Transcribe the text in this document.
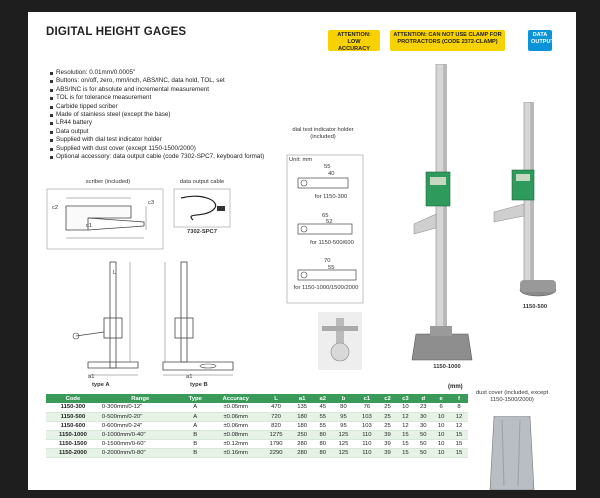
DIGITAL HEIGHT GAGES	ATTENTION: LOW ACCURACY
ATTENTION: CAN NOT USE CLAMP FOR PROTRACTORS (CODE 2372-CLAMP)
DATA OUTPUT
Resolution: 0.01mm/0.0005"
Buttons: on/off, zero, mm/inch, ABS/INC, data hold, TOL, set
ABS/INC is for absolute and incremental measurement
TOL is for tolerance measurement
Carbide tipped scriber
Made of stainless steel (except the base)
LR44 battery
Data output
Supplied with dial test indicator holder
Supplied with dust cover (except 1150-1500/2000)
Optional accessory: data output cable (code 7302-SPC7, keyboard format)
scriber (included)
c1
c2
c3
data output cable
7302-SPC7
L
a1
type A
a1
type B
dial test indicator holder (included)
Unit: mm
55
40
for 1150-300
65
52
for 1150-500/600
70
55
for 1150-1000/1500/2000
1150-1000
1150-500
dust cover (included, except 1150-1500/2000)
(mm)
Code	Range	Type	Accuracy	L	a1	a2	b	c1	c2	c3	d	e	f
1150-300	0-300mm/0-12"	A	±0.05mm	470	135	45	80	76	25	10	23	6	8
1150-500	0-500mm/0-20"	A	±0.06mm	720	180	55	95	103	25	12	30	10	12
1150-600	0-600mm/0-24"	A	±0.06mm	820	180	55	95	103	25	12	30	10	12
1150-1000	0-1000mm/0-40"	B	±0.08mm	1275	250	80	125	110	39	15	50	10	15
1150-1500	0-1500mm/0-60"	B	±0.12mm	1790	280	80	125	110	39	15	50	10	15
1150-2000	0-2000mm/0-80"	B	±0.16mm	2290	280	80	125	110	39	15	50	10	15
